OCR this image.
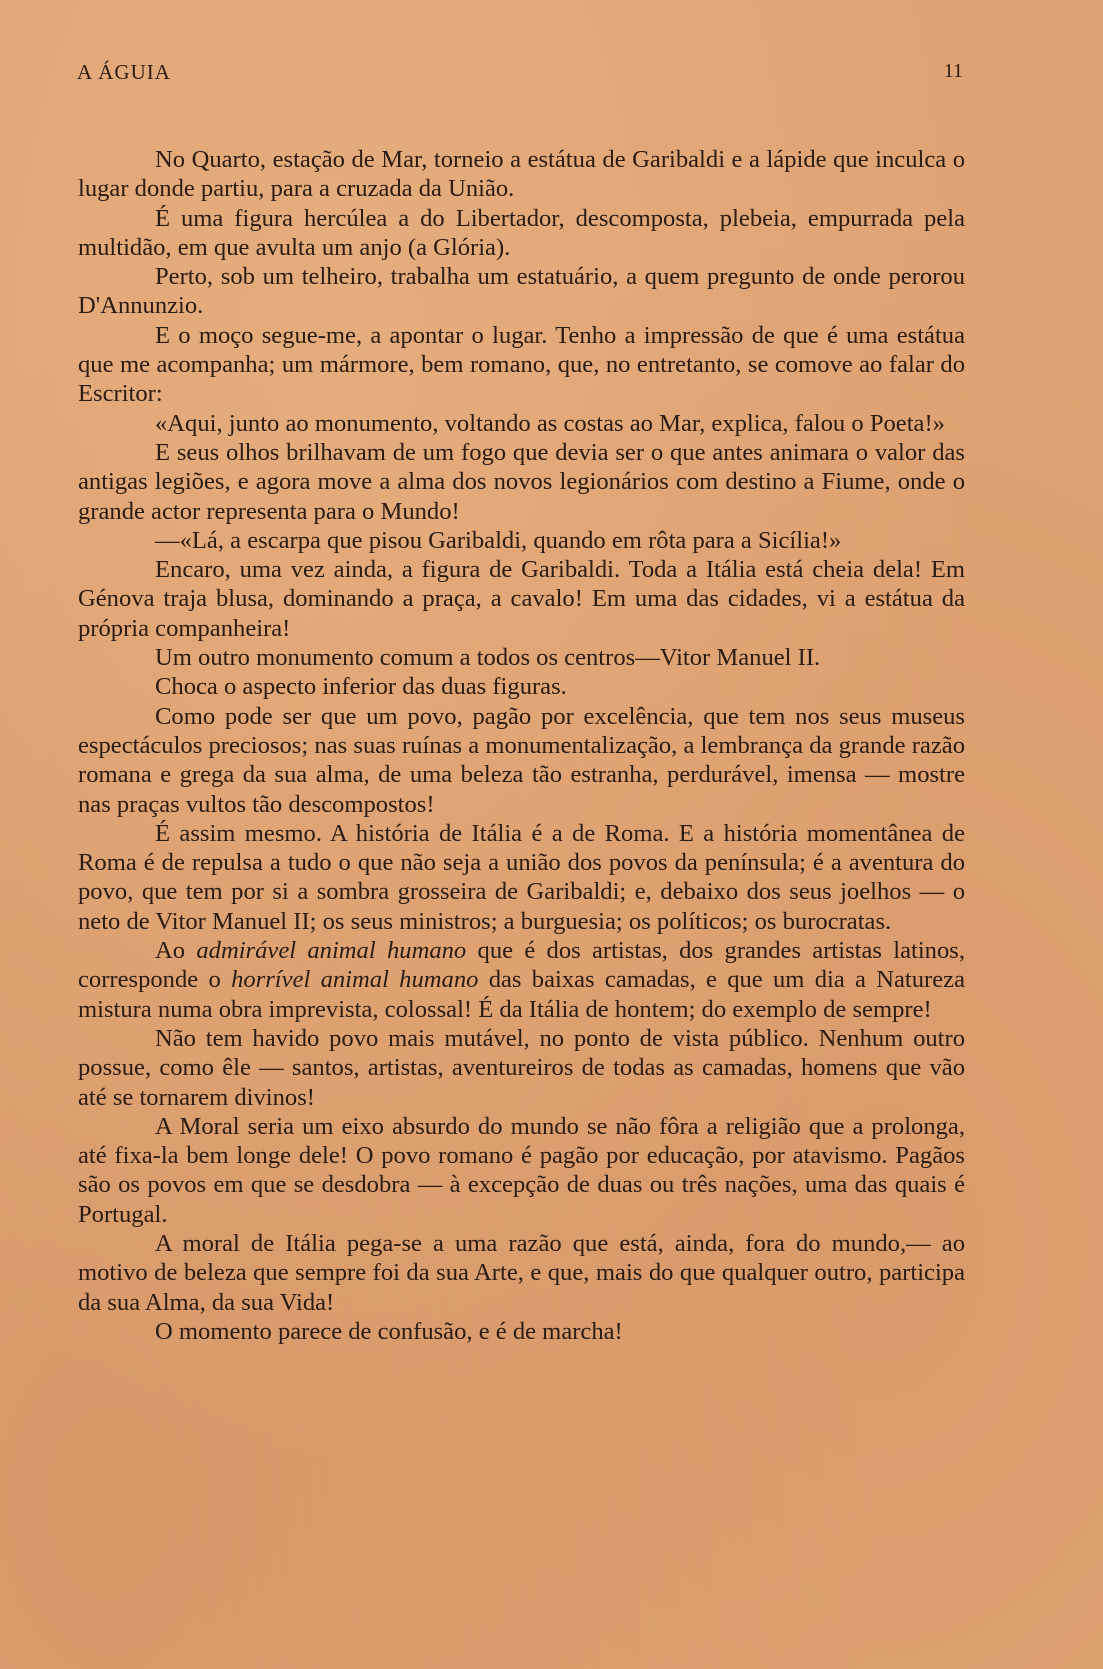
A ÁGUIA	11

No Quarto, estação de Mar, torneio a estátua de Garibaldi e a lápide que inculca o lugar donde partiu, para a cruzada da União.

É uma figura hercúlea a do Libertador, descomposta, plebeia, empurrada pela multidão, em que avulta um anjo (a Glória).

Perto, sob um telheiro, trabalha um estatuário, a quem pregunto de onde perorou D'Annunzio.

E o moço segue-me, a apontar o lugar. Tenho a impressão de que é uma estátua que me acompanha; um mármore, bem romano, que, no entretanto, se comove ao falar do Escritor:

«Aqui, junto ao monumento, voltando as costas ao Mar, explica, falou o Poeta!»

E seus olhos brilhavam de um fogo que devia ser o que antes animara o valor das antigas legiões, e agora move a alma dos novos legionários com destino a Fiume, onde o grande actor representa para o Mundo!

—«Lá, a escarpa que pisou Garibaldi, quando em rôta para a Sicília!»

Encaro, uma vez ainda, a figura de Garibaldi. Toda a Itália está cheia dela! Em Génova traja blusa, dominando a praça, a cavalo! Em uma das cidades, vi a estátua da própria companheira!

Um outro monumento comum a todos os centros—Vitor Manuel II.

Choca o aspecto inferior das duas figuras.

Como pode ser que um povo, pagão por excelência, que tem nos seus museus espectáculos preciosos; nas suas ruínas a monumentalização, a lembrança da grande razão romana e grega da sua alma, de uma beleza tão estranha, perdurável, imensa — mostre nas praças vultos tão descompostos!

É assim mesmo. A história de Itália é a de Roma. E a história momentânea de Roma é de repulsa a tudo o que não seja a união dos povos da península; é a aventura do povo, que tem por si a sombra grosseira de Garibaldi; e, debaixo dos seus joelhos — o neto de Vitor Manuel II; os seus ministros; a burguesia; os políticos; os burocratas.

Ao admirável animal humano que é dos artistas, dos grandes artistas latinos, corresponde o horrível animal humano das baixas camadas, e que um dia a Natureza mistura numa obra imprevista, colossal! É da Itália de hontem; do exemplo de sempre!

Não tem havido povo mais mutável, no ponto de vista público. Nenhum outro possue, como êle — santos, artistas, aventureiros de todas as camadas, homens que vão até se tornarem divinos!

A Moral seria um eixo absurdo do mundo se não fôra a religião que a prolonga, até fixa-la bem longe dele! O povo romano é pagão por educação, por atavismo. Pagãos são os povos em que se desdobra — à excepção de duas ou três nações, uma das quais é Portugal.

A moral de Itália pega-se a uma razão que está, ainda, fora do mundo,— ao motivo de beleza que sempre foi da sua Arte, e que, mais do que qualquer outro, participa da sua Alma, da sua Vida!

O momento parece de confusão, e é de marcha!
